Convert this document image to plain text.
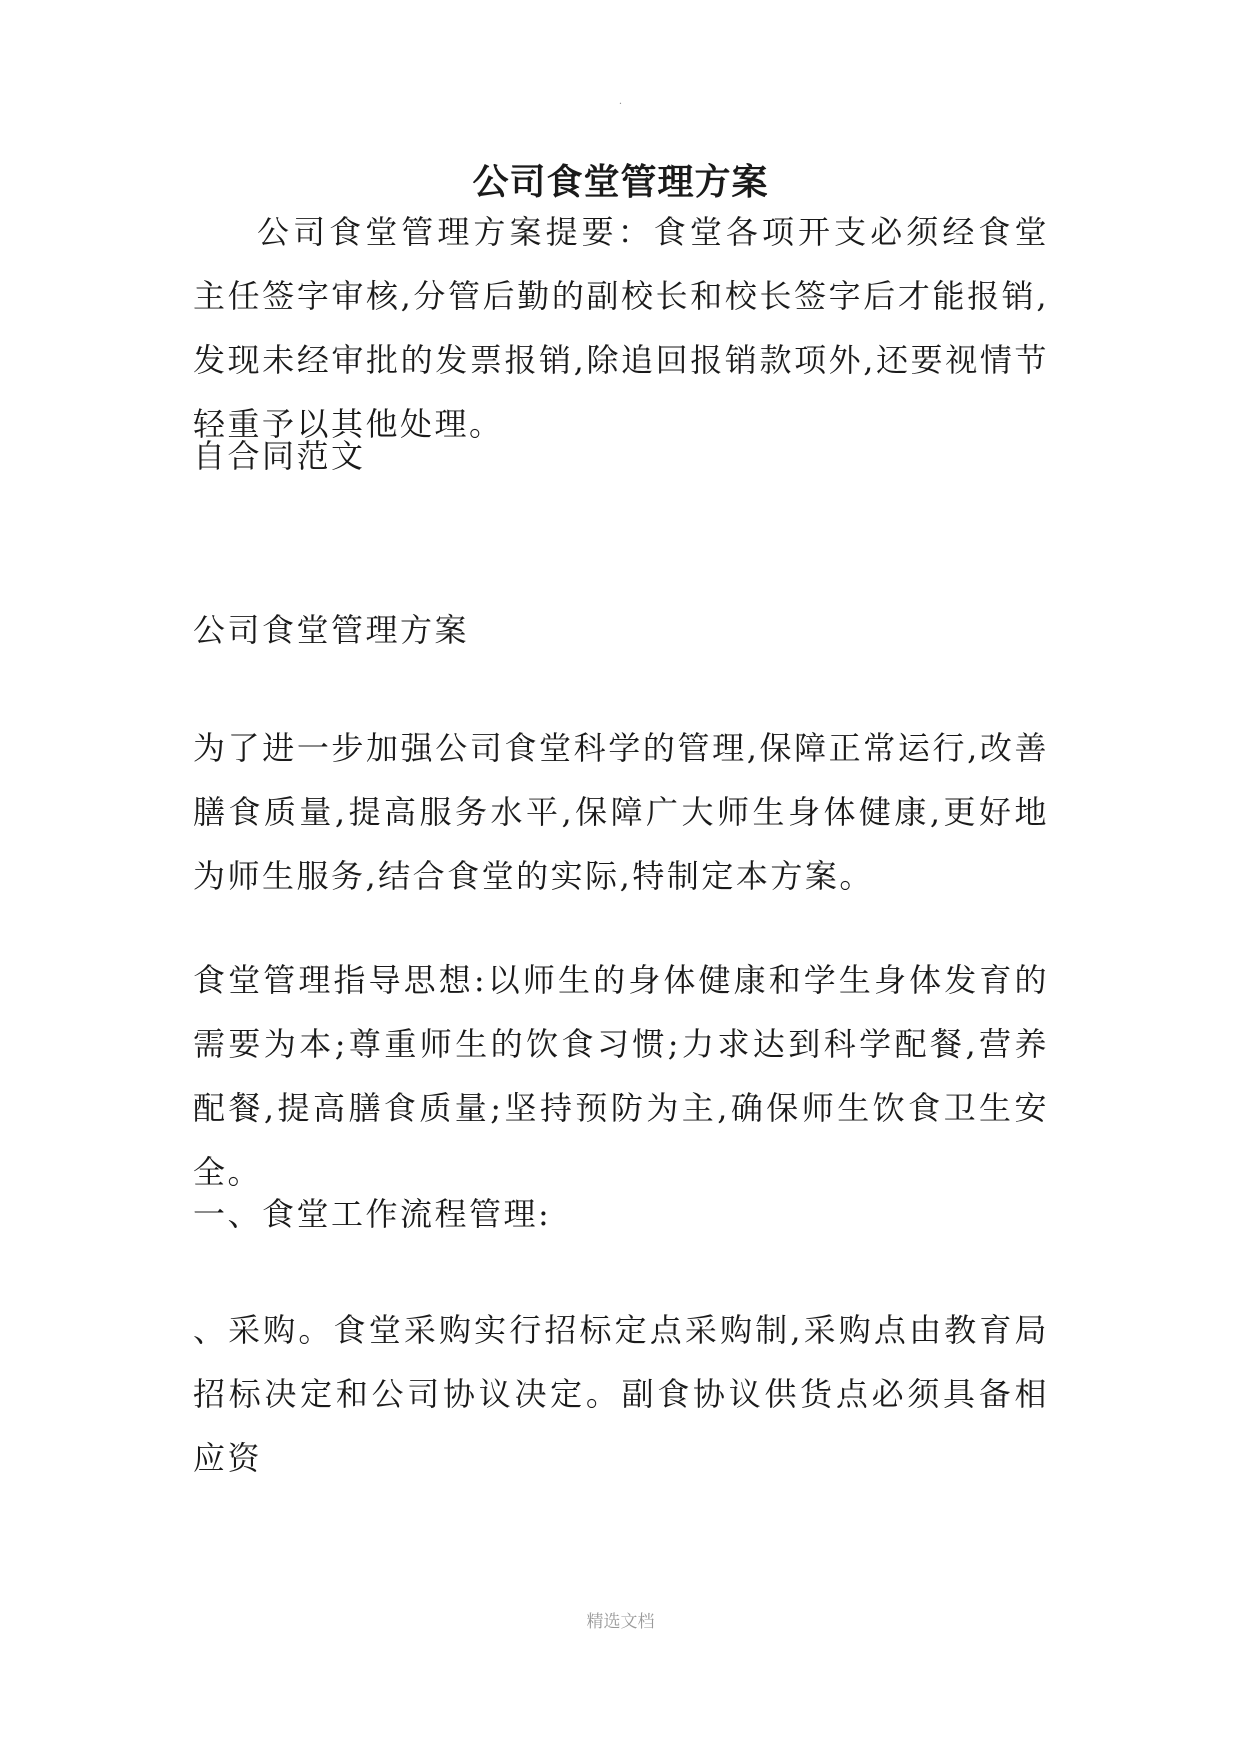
.
公司食堂管理方案

公司食堂管理方案提要：食堂各项开支必须经食堂主任签字审核,分管后勤的副校长和校长签字后才能报销,发现未经审批的发票报销,除追回报销款项外,还要视情节轻重予以其他处理。

自合同范文

公司食堂管理方案

为了进一步加强公司食堂科学的管理,保障正常运行,改善膳食质量,提高服务水平,保障广大师生身体健康,更好地为师生服务,结合食堂的实际,特制定本方案。

食堂管理指导思想:以师生的身体健康和学生身体发育的需要为本;尊重师生的饮食习惯;力求达到科学配餐,营养配餐,提高膳食质量;坚持预防为主,确保师生饮食卫生安全。

一、食堂工作流程管理:

、采购。食堂采购实行招标定点采购制,采购点由教育局招标决定和公司协议决定。副食协议供货点必须具备相应资

精选文档
